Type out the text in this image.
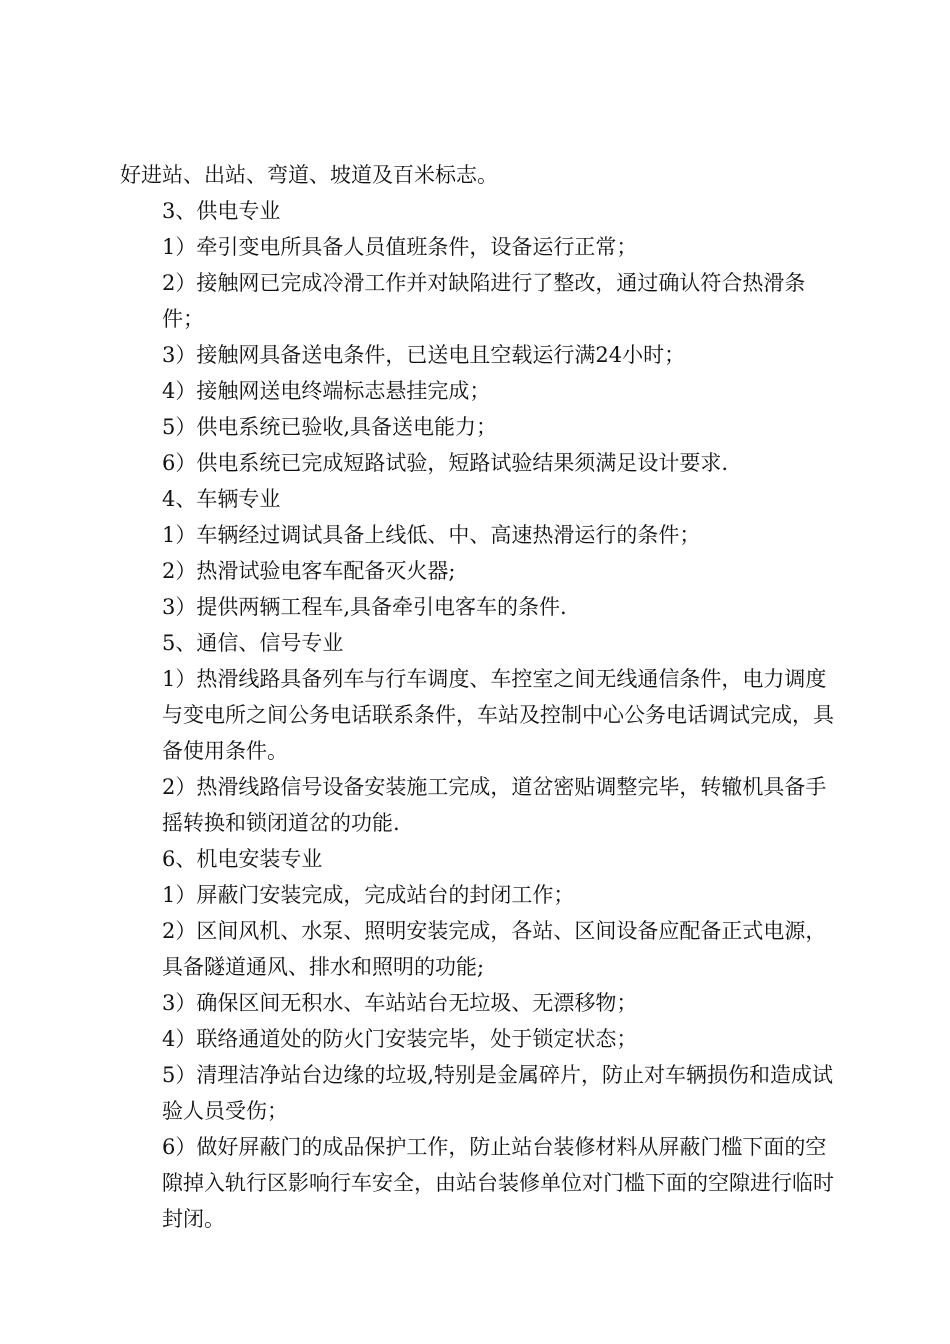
好进站、出站、弯道、坡道及百米标志。

3、供电专业

1）牵引变电所具备人员值班条件，设备运行正常；

2）接触网已完成冷滑工作并对缺陷进行了整改，通过确认符合热滑条件；

3）接触网具备送电条件，已送电且空载运行满24小时；

4）接触网送电终端标志悬挂完成；

5）供电系统已验收,具备送电能力；

6）供电系统已完成短路试验，短路试验结果须满足设计要求.

4、车辆专业

1）车辆经过调试具备上线低、中、高速热滑运行的条件；

2）热滑试验电客车配备灭火器;

3）提供两辆工程车,具备牵引电客车的条件.

5、通信、信号专业

1）热滑线路具备列车与行车调度、车控室之间无线通信条件，电力调度与变电所之间公务电话联系条件，车站及控制中心公务电话调试完成，具备使用条件。

2）热滑线路信号设备安装施工完成，道岔密贴调整完毕，转辙机具备手摇转换和锁闭道岔的功能.

6、机电安装专业

1）屏蔽门安装完成，完成站台的封闭工作；

2）区间风机、水泵、照明安装完成，各站、区间设备应配备正式电源，具备隧道通风、排水和照明的功能;

3）确保区间无积水、车站站台无垃圾、无漂移物；

4）联络通道处的防火门安装完毕，处于锁定状态；

5）清理洁净站台边缘的垃圾,特别是金属碎片，防止对车辆损伤和造成试验人员受伤；

6）做好屏蔽门的成品保护工作，防止站台装修材料从屏蔽门槛下面的空隙掉入轨行区影响行车安全，由站台装修单位对门槛下面的空隙进行临时封闭。
